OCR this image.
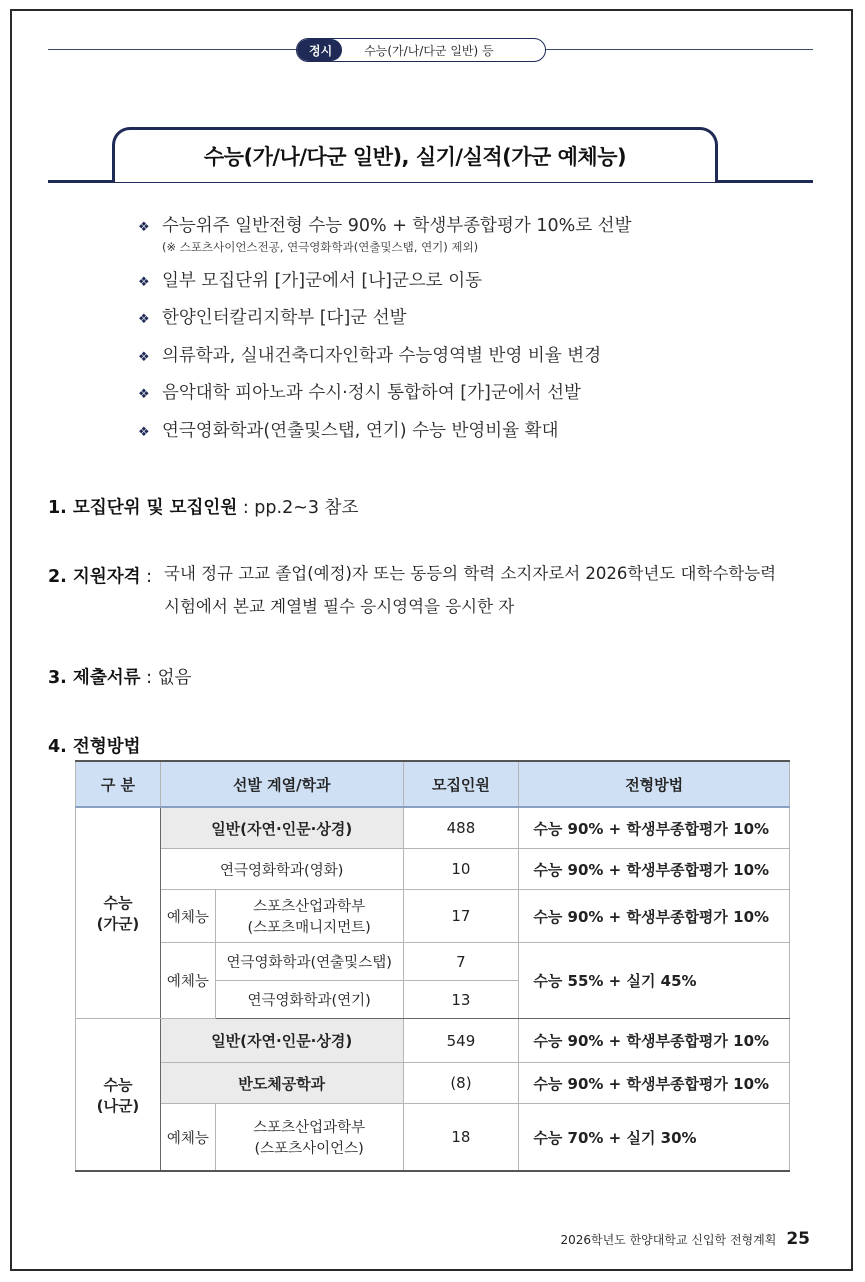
정시	수능(가/나/다군 일반) 등
수능(가/나/다군 일반), 실기/실적(가군 예체능)
❖ 수능위주 일반전형 수능 90% + 학생부종합평가 10%로 선발
(※ 스포츠사이언스전공, 연극영화학과(연출및스탭, 연기) 제외)
❖ 일부 모집단위 [가]군에서 [나]군으로 이동
❖ 한양인터칼리지학부 [다]군 선발
❖ 의류학과, 실내건축디자인학과 수능영역별 반영 비율 변경
❖ 음악대학 피아노과 수시·정시 통합하여 [가]군에서 선발
❖ 연극영화학과(연출및스탭, 연기) 수능 반영비율 확대
1. 모집단위 및 모집인원 : pp.2~3 참조
2. 지원자격 : 국내 정규 고교 졸업(예정)자 또는 동등의 학력 소지자로서 2026학년도 대학수학능력
시험에서 본교 계열별 필수 응시영역을 응시한 자
3. 제출서류 : 없음
4. 전형방법
구 분	선발 계열/학과		모집인원	전형방법
수능
(가군)	일반(자연·인문·상경)		488	수능 90% + 학생부종합평가 10%
	연극영화학과(영화)		10	수능 90% + 학생부종합평가 10%
	예체능	스포츠산업과학부
(스포츠매니지먼트)	17	수능 90% + 학생부종합평가 10%
	예체능	연극영화학과(연출및스탭)	7	수능 55% + 실기 45%
		연극영화학과(연기)	13	
수능
(나군)	일반(자연·인문·상경)		549	수능 90% + 학생부종합평가 10%
	반도체공학과		(8)	수능 90% + 학생부종합평가 10%
	예체능	스포츠산업과학부
(스포츠사이언스)	18	수능 70% + 실기 30%
2026학년도 한양대학교 신입학 전형계획 25
